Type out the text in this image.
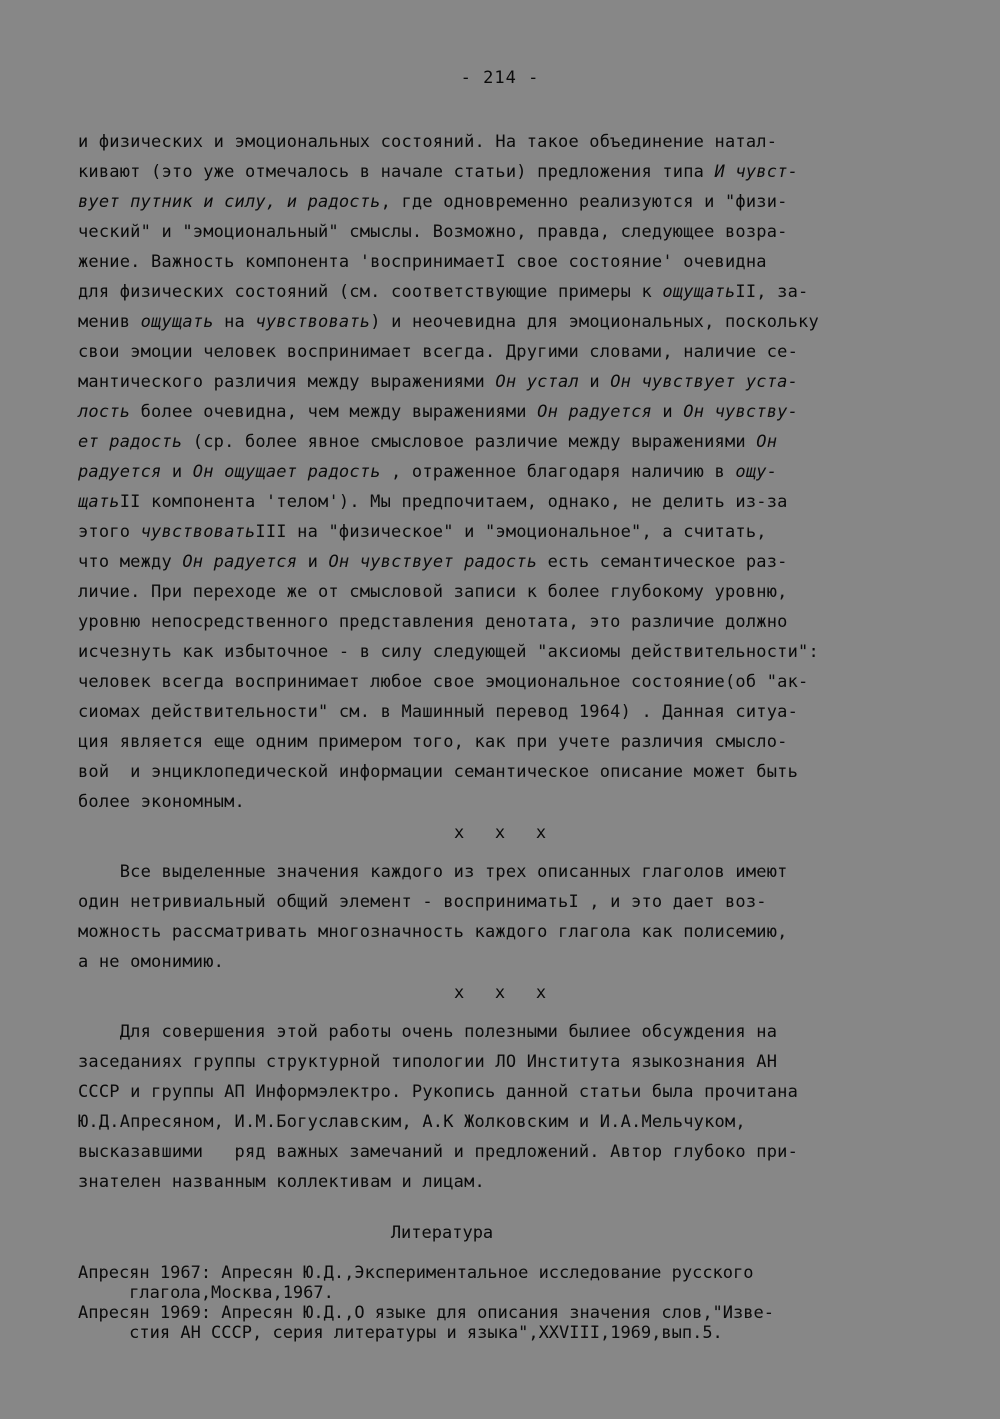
- 214 -
и физических и эмоциональных состояний. На такое объединение натал-
кивают (это уже отмечалось в начале статьи) предложения типа И чувст-
вует путник и силу, и радость, где одновременно реализуются и "физи-
ческий" и "эмоциональный" смыслы. Возможно, правда, следующее возра-
жение. Важность компонента 'воспринимаетI свое состояние' очевидна
для физических состояний (см. соответствующие примеры к ощущатьII, за-
менив ощущать на чувствовать) и неочевидна для эмоциональных, поскольку
свои эмоции человек воспринимает всегда. Другими словами, наличие се-
мантического различия между выражениями Он устал и Он чувствует уста-
лость более очевидна, чем между выражениями Он радуется и Он чувству-
ет радость (ср. более явное смысловое различие между выражениями Он
радуется и Он ощущает радость , отраженное благодаря наличию в ощу-
щатьII компонента 'телом'). Мы предпочитаем, однако, не делить из-за
этого чувствоватьIII на "физическое" и "эмоциональное", а считать,
что между Он радуется и Он чувствует радость есть семантическое раз-
личие. При переходе же от смысловой записи к более глубокому уровню,
уровню непосредственного представления денотата, это различие должно
исчезнуть как избыточное - в силу следующей "аксиомы действительности":
человек всегда воспринимает любое свое эмоциональное состояние(об "ак-
сиомах действительности" см. в Машинный перевод 1964) . Данная ситуа-
ция является еще одним примером того, как при учете различия смысло-
вой  и энциклопедической информации семантическое описание может быть
более экономным.
x   x   x
Все выделенные значения каждого из трех описанных глаголов имеют
один нетривиальный общий элемент - восприниматьI , и это дает воз-
можность рассматривать многозначность каждого глагола как полисемию,
а не омонимию.
x   x   x
Для совершения этой работы очень полезными былиее обсуждения на
заседаниях группы структурной типологии ЛО Института языкознания АН
СССР и группы АП Информэлектро. Рукопись данной статьи была прочитана
Ю.Д.Апресяном, И.М.Богуславским, А.К Жолковским и И.А.Мельчуком,
высказавшими   ряд важных замечаний и предложений. Автор глубоко при-
знателен названным коллективам и лицам.
Литература
Апресян 1967: Апресян Ю.Д.,Экспериментальное исследование русского
глагола,Москва,1967.
Апресян 1969: Апресян Ю.Д.,О языке для описания значения слов,"Изве-
стия АН СССР, серия литературы и языка",XXVIII,1969,вып.5.
